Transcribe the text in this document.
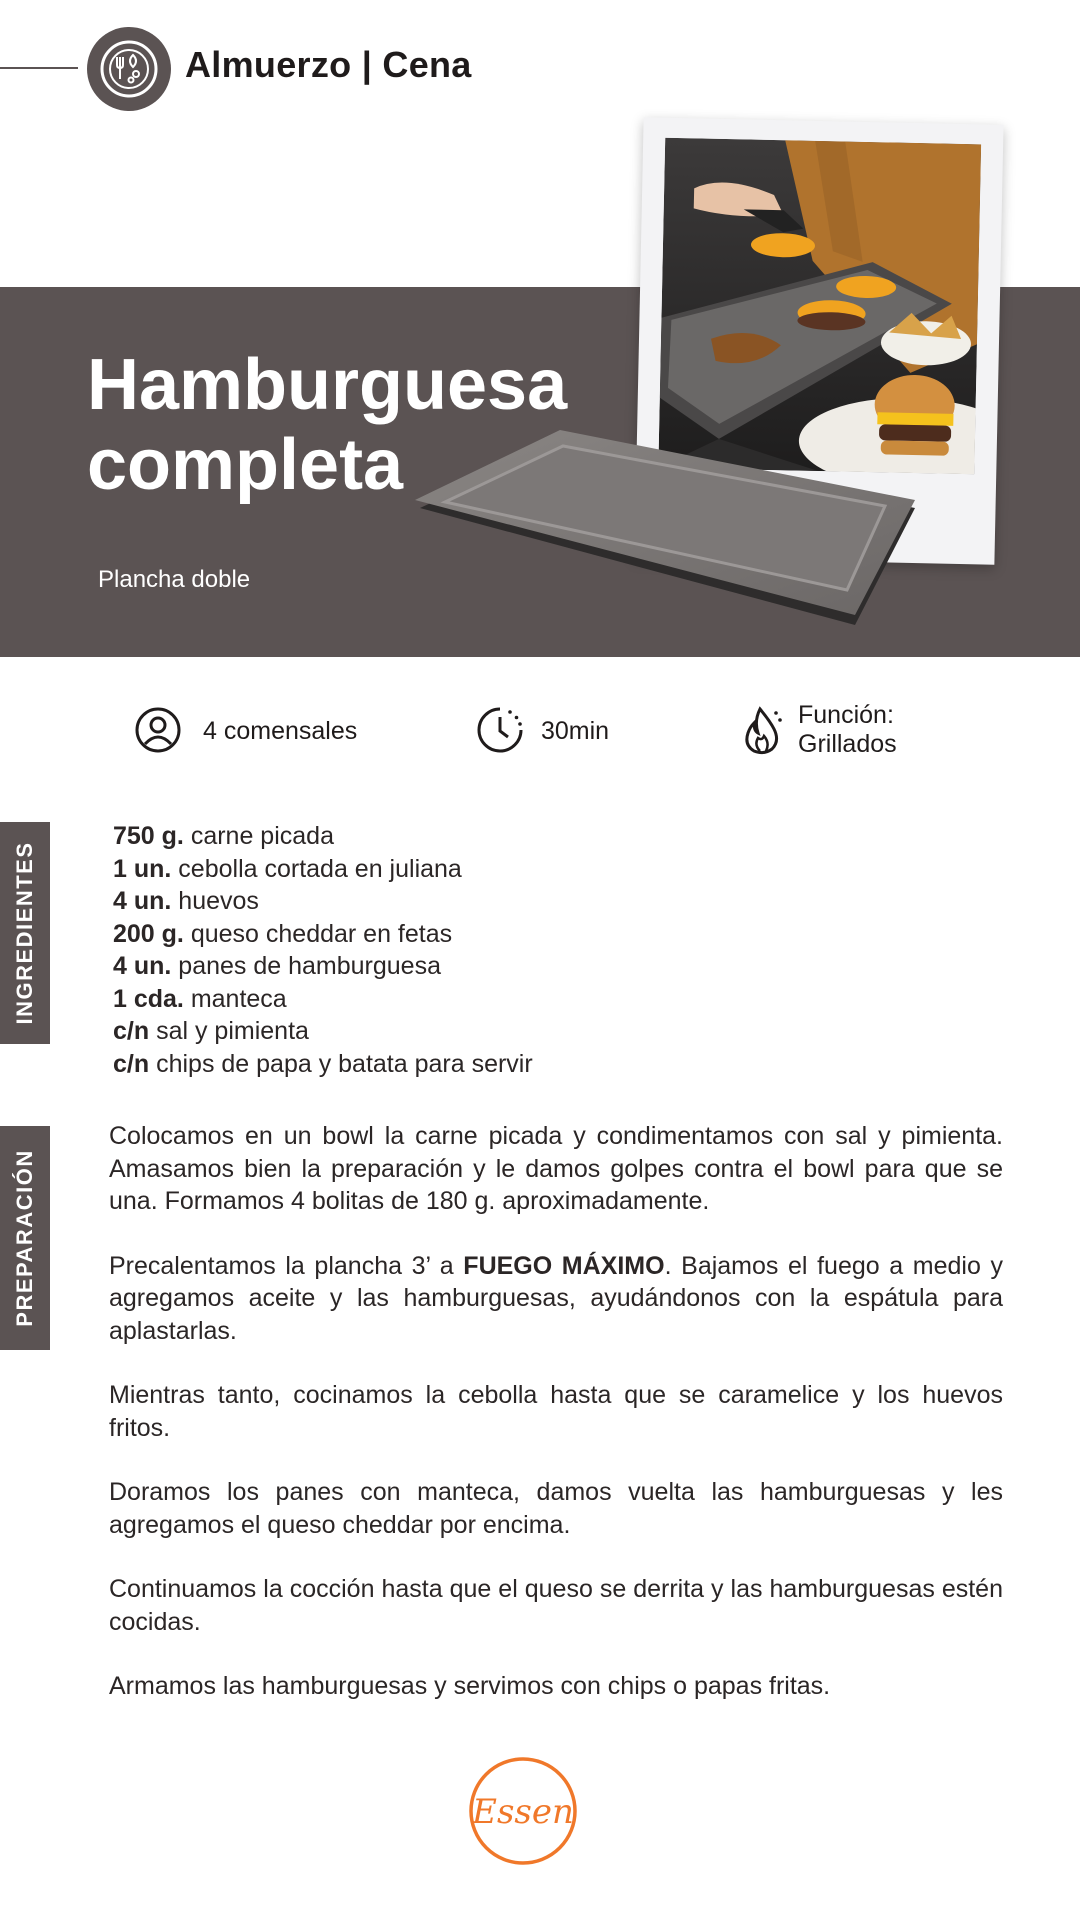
Almuerzo | Cena
Hamburguesa
completa
Plancha doble
4 comensales	30min
Función:
Grillados
INGREDIENTES
PREPARACIÓN
750 g. carne picada
1 un. cebolla cortada en juliana
4 un. huevos
200 g. queso cheddar en fetas
4 un. panes de hamburguesa
1 cda. manteca
c/n sal y pimienta
c/n chips de papa y batata para servir

Colocamos en un bowl la carne picada y condimentamos con sal y pimienta. Amasamos bien la preparación y le damos golpes contra el bowl para que se una. Formamos 4 bolitas de 180 g. aproximadamente.

Precalentamos la plancha 3’ a FUEGO MÁXIMO. Bajamos el fuego a medio y agregamos aceite y las hamburguesas, ayudándonos con la espátula para aplastarlas.

Mientras tanto, cocinamos la cebolla hasta que se caramelice y los huevos fritos.

Doramos los panes con manteca, damos vuelta las hamburguesas y les agregamos el queso cheddar por encima.

Continuamos la cocción hasta que el queso se derrita y las hamburguesas estén cocidas.

Armamos las hamburguesas y servimos con chips o papas fritas.

Essen
